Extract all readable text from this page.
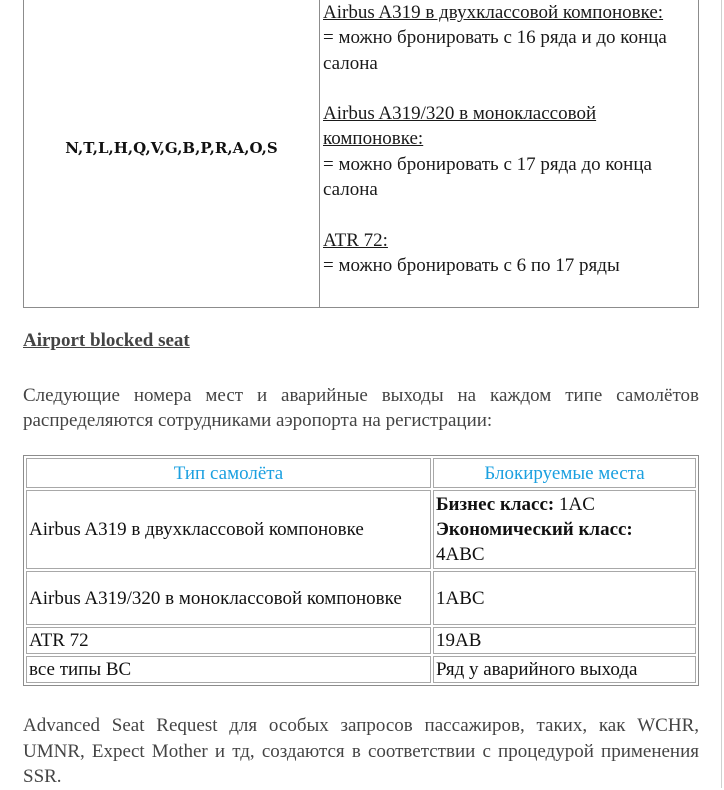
N,T,L,H,Q,V,G,B,P,R,A,O,S

Airbus A319 в двухклассовой компоновке:

= можно бронировать с 16 ряда и до конца салона

Airbus A319/320 в моноклассовой компоновке:

= можно бронировать с 17 ряда до конца салона

ATR 72:

= можно бронировать с 6 по 17 ряды

Airport blocked seat
Следующие номера мест и аварийные выходы на каждом типе самолётов распределяются сотрудниками аэропорта на регистрации:
Тип самолёта	Блокируемые места
Airbus A319 в двухклассовой компоновке	Бизнес класс: 1AC
Экономический класс:
4ABC
Airbus A319/320 в моноклассовой компоновке	1ABC
ATR 72	19AB
все типы ВС	Ряд у аварийного выхода
Advanced Seat Request для особых запросов пассажиров, таких, как WCHR, UMNR, Expect Mother и тд, создаются в соответствии с процедурой применения SSR.
